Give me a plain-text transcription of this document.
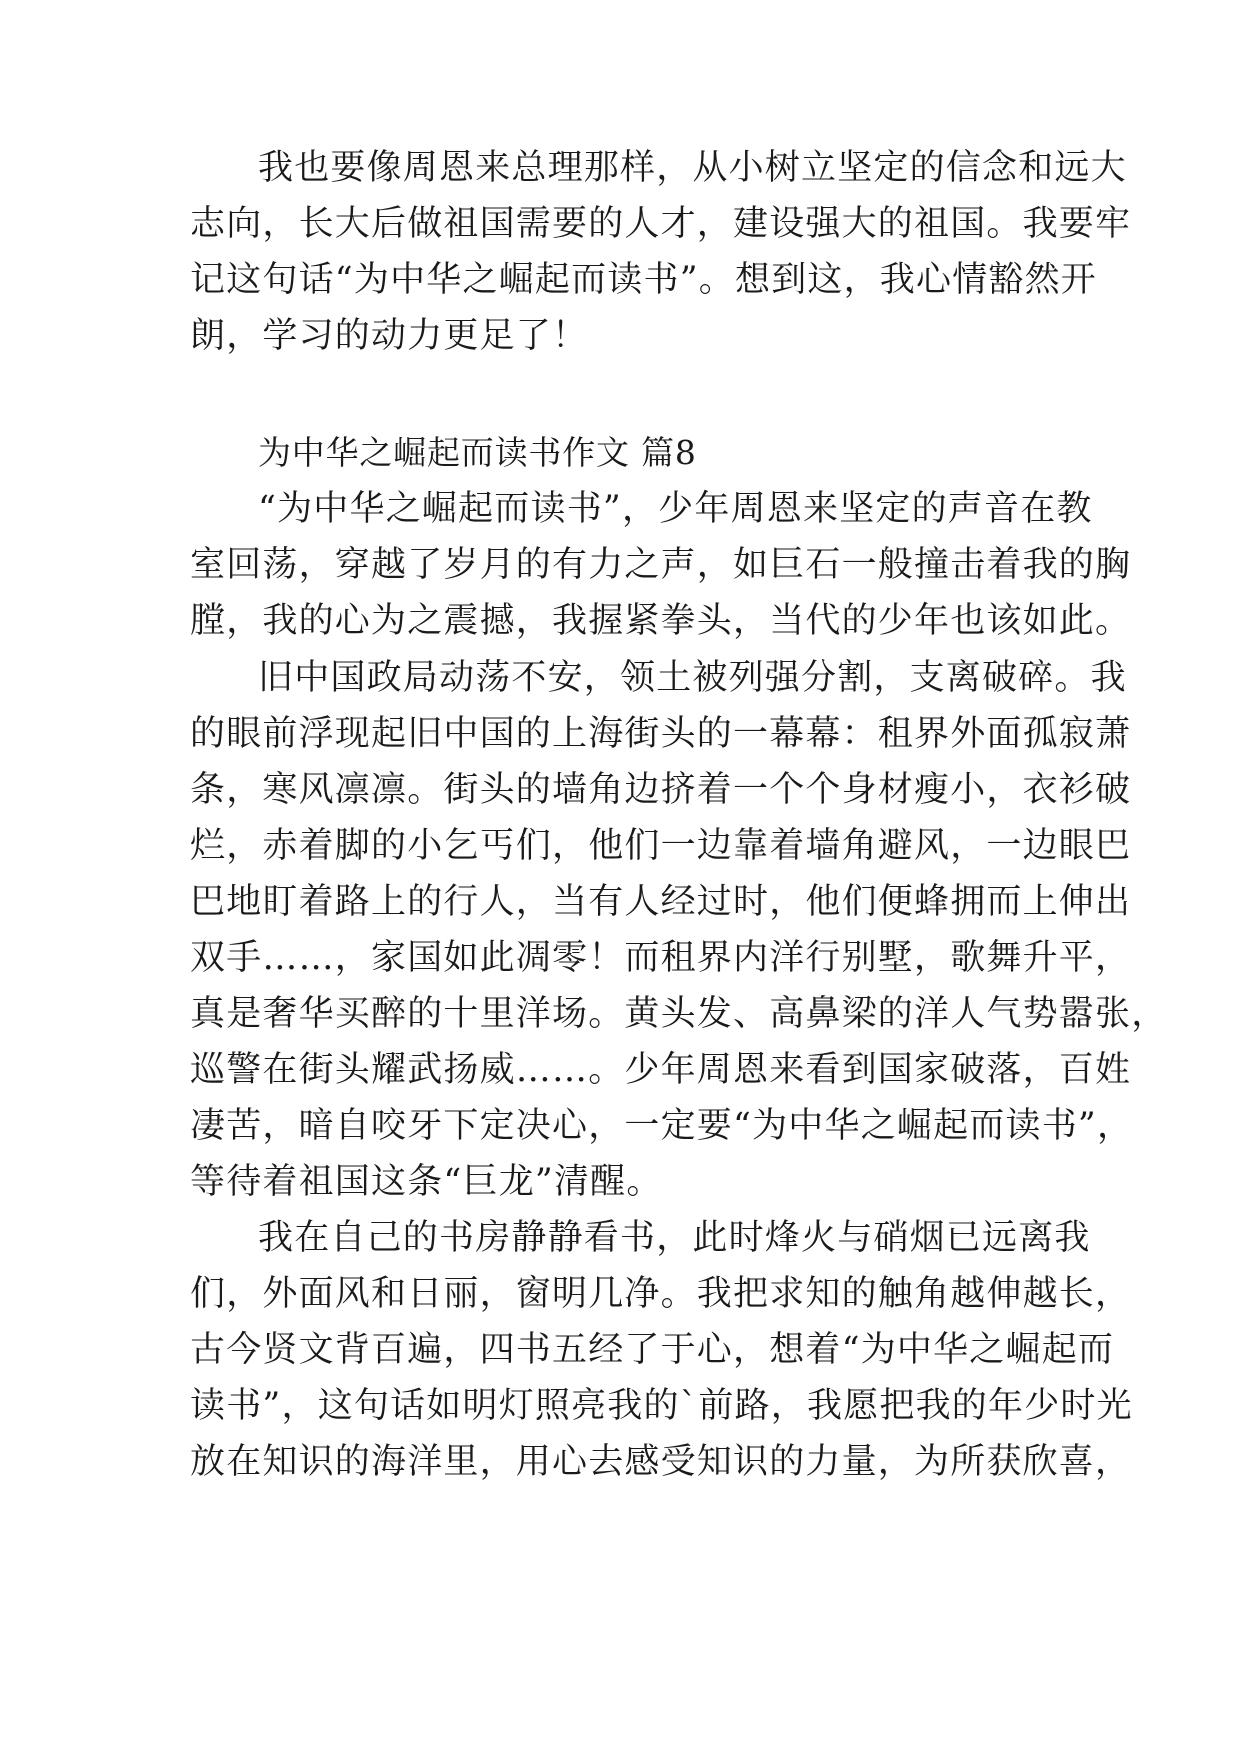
我也要像周恩来总理那样，从小树立坚定的信念和远大
志向，长大后做祖国需要的人才，建设强大的祖国。我要牢
记这句话“为中华之崛起而读书”。想到这，我心情豁然开
朗，学习的动力更足了！
为中华之崛起而读书作文 篇8
“为中华之崛起而读书”，少年周恩来坚定的声音在教
室回荡，穿越了岁月的有力之声，如巨石一般撞击着我的胸
膛，我的心为之震撼，我握紧拳头，当代的少年也该如此。
旧中国政局动荡不安，领土被列强分割，支离破碎。我
的眼前浮现起旧中国的上海街头的一幕幕：租界外面孤寂萧
条，寒风凛凛。街头的墙角边挤着一个个身材瘦小，衣衫破
烂，赤着脚的小乞丐们，他们一边靠着墙角避风，一边眼巴
巴地盯着路上的行人，当有人经过时，他们便蜂拥而上伸出
双手……，家国如此凋零！而租界内洋行别墅，歌舞升平，
真是奢华买醉的十里洋场。黄头发、高鼻梁的洋人气势嚣张，
巡警在街头耀武扬威……。少年周恩来看到国家破落，百姓
凄苦，暗自咬牙下定决心，一定要“为中华之崛起而读书”，
等待着祖国这条“巨龙”清醒。
我在自己的书房静静看书，此时烽火与硝烟已远离我
们，外面风和日丽，窗明几净。我把求知的触角越伸越长，
古今贤文背百遍，四书五经了于心，想着“为中华之崛起而
读书”，这句话如明灯照亮我的`前路，我愿把我的年少时光
放在知识的海洋里，用心去感受知识的力量，为所获欣喜，
